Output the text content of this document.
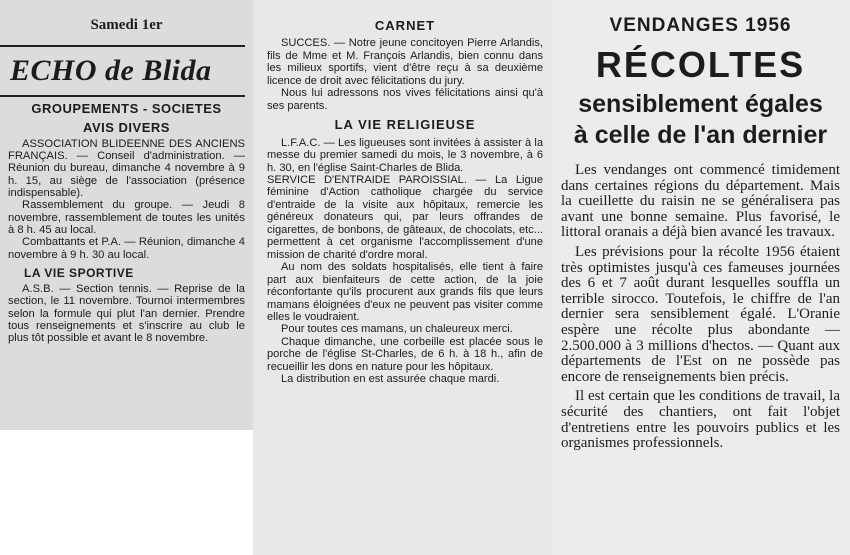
Samedi 1er
ECHO de Blida
GROUPEMENTS - SOCIETES
AVIS DIVERS

ASSOCIATION BLIDEENNE DES ANCIENS FRANÇAIS. — Conseil d'administration. — Réunion du bureau, dimanche 4 novembre à 9 h. 15, au siège de l'association (présence indispensable).

Rassemblement du groupe. — Jeudi 8 novembre, rassemblement de toutes les unités à 8 h. 45 au local.

Combattants et P.A. — Réunion, dimanche 4 novembre à 9 h. 30 au local.

LA VIE SPORTIVE

A.S.B. — Section tennis. — Reprise de la section, le 11 novembre. Tournoi intermembres selon la formule qui plut l'an dernier. Prendre tous renseignements et s'inscrire au club le plus tôt possible et avant le 8 novembre.

CARNET

SUCCES. — Notre jeune concitoyen Pierre Arlandis, fils de Mme et M. François Arlandis, bien connu dans les milieux sportifs, vient d'être reçu à sa deuxième licence de droit avec félicitations du jury.

Nous lui adressons nos vives félicitations ainsi qu'à ses parents.

LA VIE RELIGIEUSE

L.F.A.C. — Les ligueuses sont invitées à assister à la messe du premier samedi du mois, le 3 novembre, à 6 h. 30, en l'église Saint-Charles de Blida.

SERVICE D'ENTRAIDE PAROISSIAL. — La Ligue féminine d'Action catholique chargée du service d'entraide de la visite aux hôpitaux, remercie les généreux donateurs qui, par leurs offrandes de cigarettes, de bonbons, de gâteaux, de chocolats, etc... permettent à cet organisme l'accomplissement d'une mission de charité d'ordre moral.

Au nom des soldats hospitalisés, elle tient à faire part aux bienfaiteurs de cette action, de la joie réconfortante qu'ils procurent aux grands fils que leurs mamans éloignées d'eux ne peuvent pas visiter comme elles le voudraient.

Pour toutes ces mamans, un chaleureux merci.

Chaque dimanche, une corbeille est placée sous le porche de l'église St-Charles, de 6 h. à 18 h., afin de recueillir les dons en nature pour les hôpitaux.

La distribution en est assurée chaque mardi.

VENDANGES 1956
RÉCOLTES
sensiblement égales
à celle de l'an dernier

Les vendanges ont commencé timidement dans certaines régions du département. Mais la cueillette du raisin ne se généralisera pas avant une bonne semaine. Plus favorisé, le littoral oranais a déjà bien avancé les travaux.

Les prévisions pour la récolte 1956 étaient très optimistes jusqu'à ces fameuses journées des 6 et 7 août durant lesquelles souffla un terrible sirocco. Toutefois, le chiffre de l'an dernier sera sensiblement égalé. L'Oranie espère une récolte plus abondante — 2.500.000 à 3 millions d'hectos. — Quant aux départements de l'Est on ne possède pas encore de renseignements bien précis.

Il est certain que les conditions de travail, la sécurité des chantiers, ont fait l'objet d'entretiens entre les pouvoirs publics et les organismes professionnels.
